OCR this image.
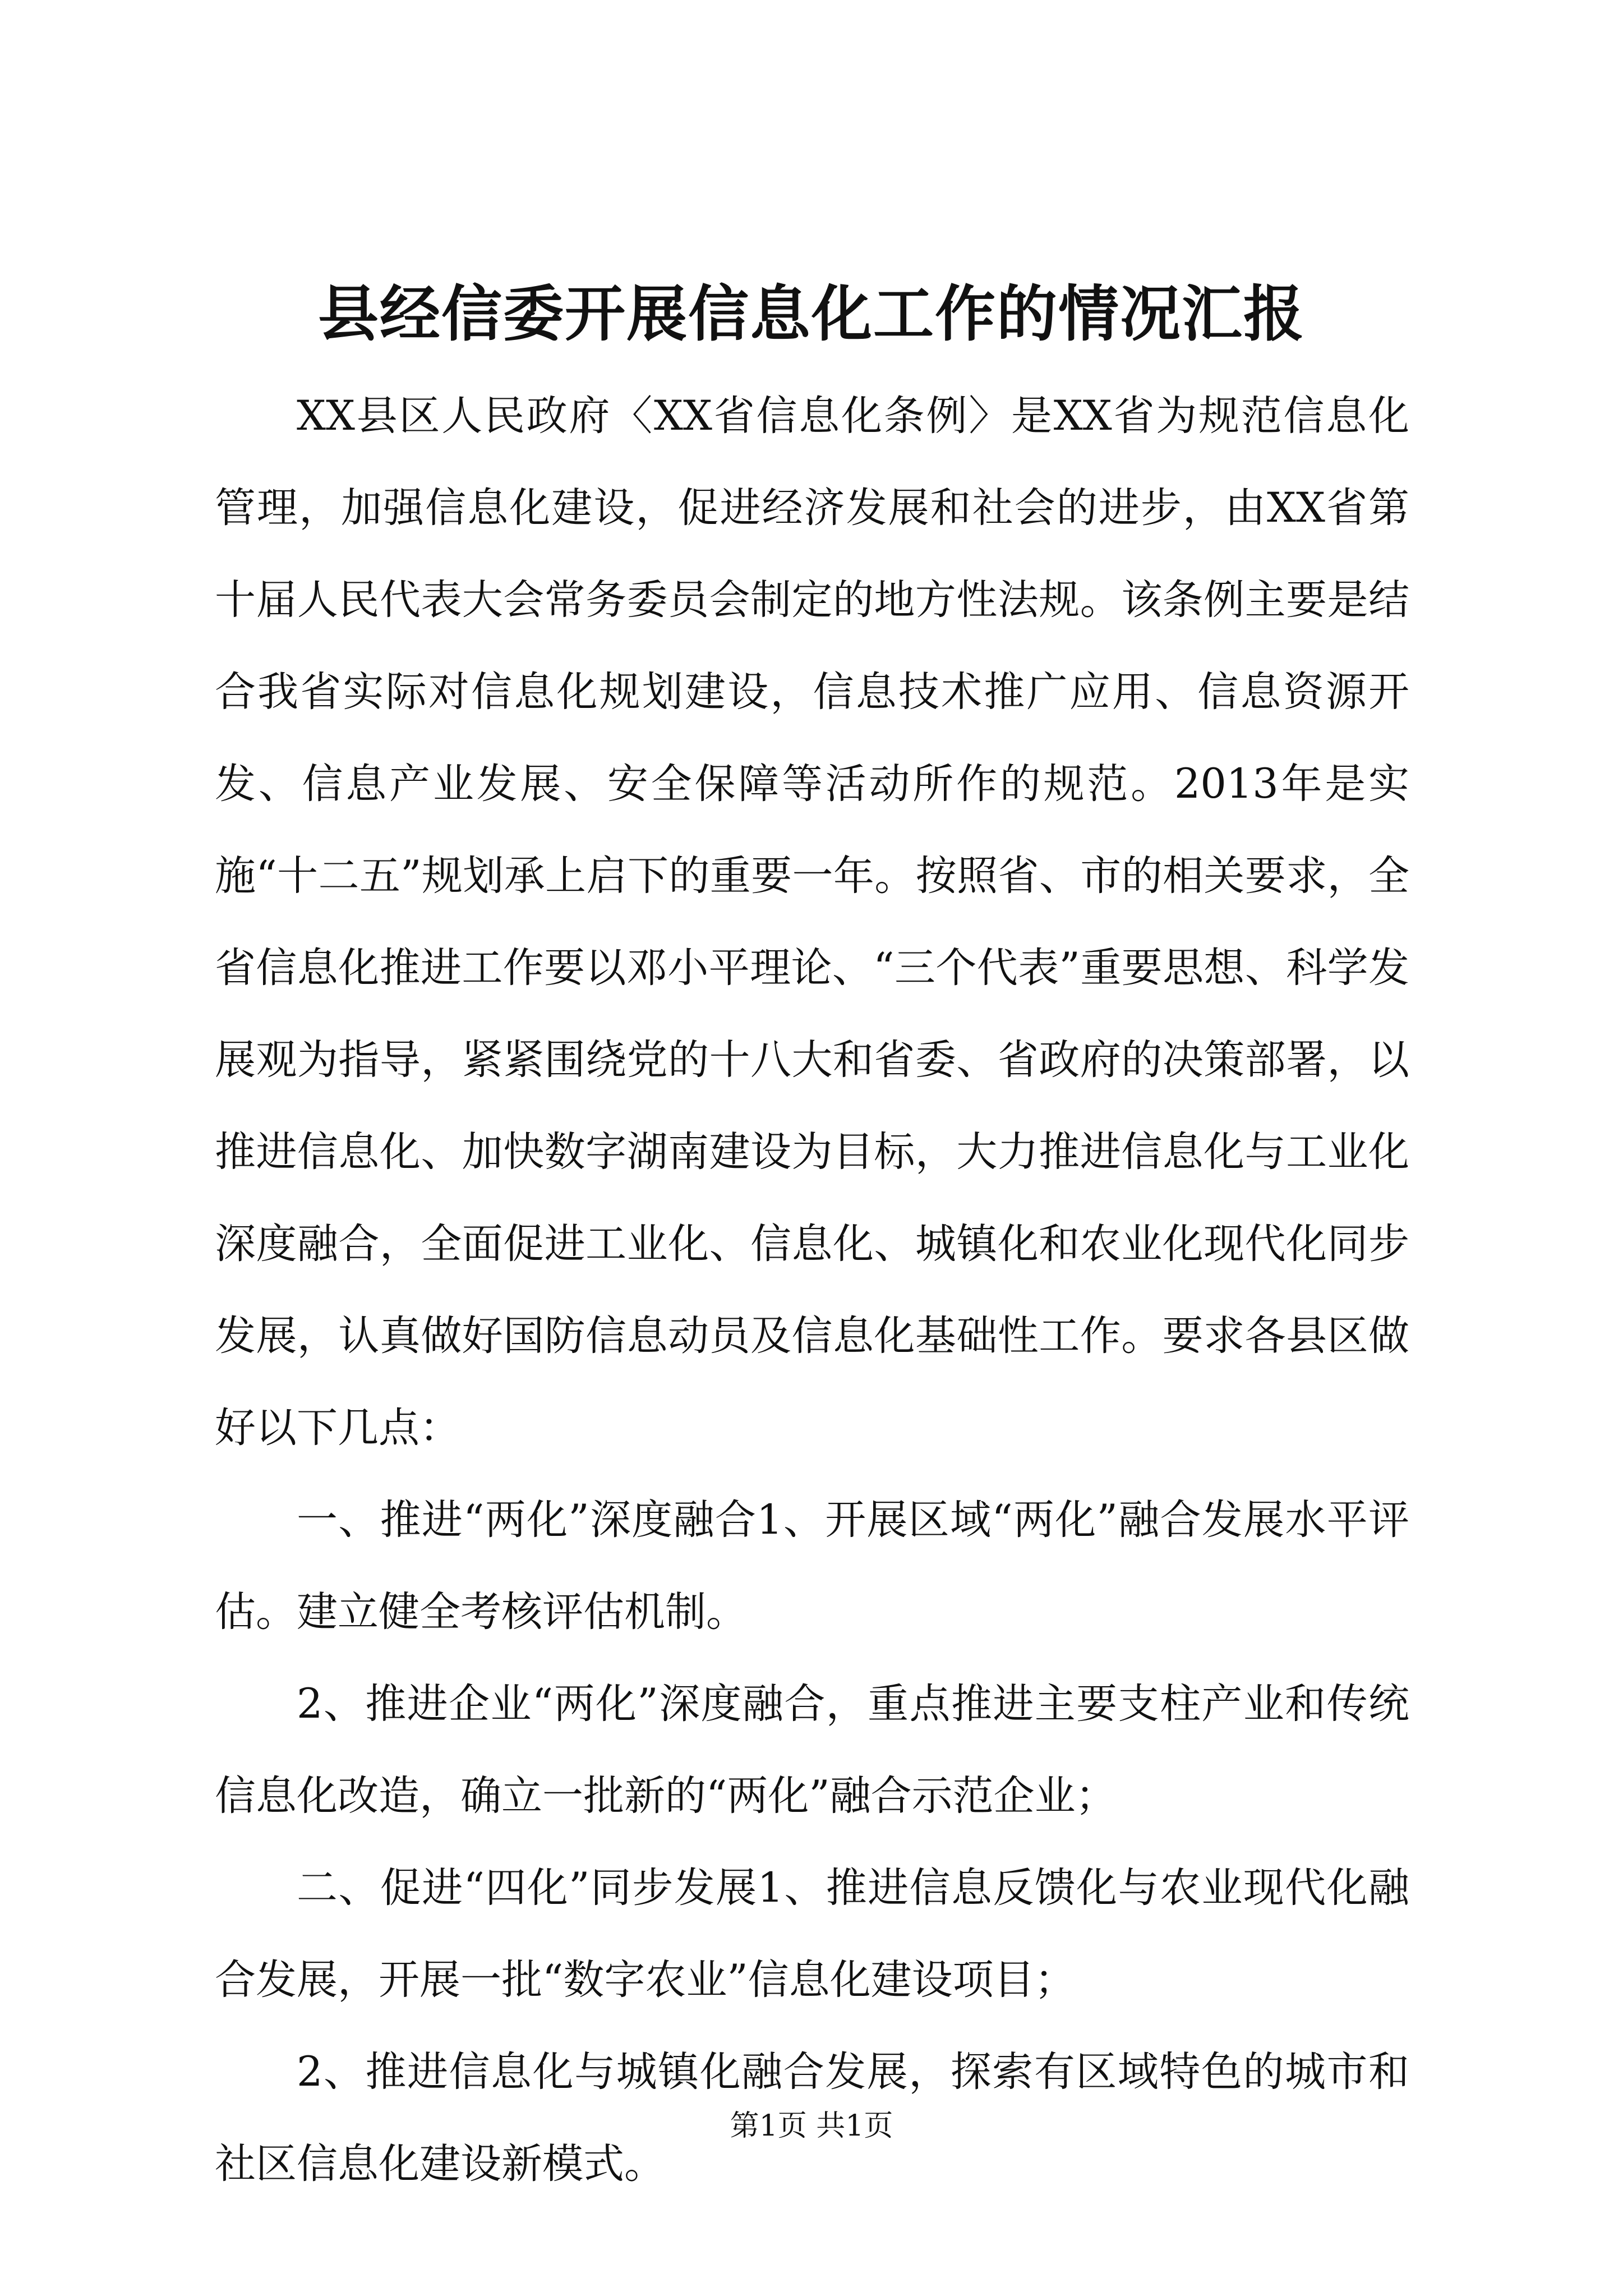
县经信委开展信息化工作的情况汇报

XX县区人民政府〈XX省信息化条例〉是XX省为规范信息化管理，加强信息化建设，促进经济发展和社会的进步，由XX省第十届人民代表大会常务委员会制定的地方性法规。该条例主要是结合我省实际对信息化规划建设，信息技术推广应用、信息资源开发、信息产业发展、安全保障等活动所作的规范。2013年是实施“十二五”规划承上启下的重要一年。按照省、市的相关要求，全省信息化推进工作要以邓小平理论、“三个代表”重要思想、科学发展观为指导，紧紧围绕党的十八大和省委、省政府的决策部署，以推进信息化、加快数字湖南建设为目标，大力推进信息化与工业化深度融合，全面促进工业化、信息化、城镇化和农业化现代化同步发展，认真做好国防信息动员及信息化基础性工作。要求各县区做好以下几点：

一、推进“两化”深度融合1、开展区域“两化”融合发展水平评估。建立健全考核评估机制。

2、推进企业“两化”深度融合，重点推进主要支柱产业和传统信息化改造，确立一批新的“两化”融合示范企业；

二、促进“四化”同步发展1、推进信息反馈化与农业现代化融合发展，开展一批“数字农业”信息化建设项目；

2、推进信息化与城镇化融合发展，探索有区域特色的城市和社区信息化建设新模式。

第1页 共1页
